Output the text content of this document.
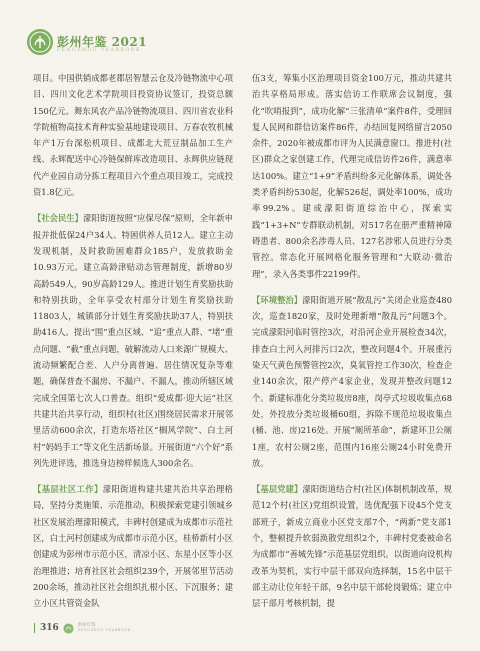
彭州年鉴 2021
PENGZHOU YEARBOOK

项目。中国供销成都老郡居智慧云仓及冷链物流中心项目、四川文化艺术学院项目投资协议签订，投资总额150亿元。舞东风农产品冷链物流项目、四川省农业科学院植物高技术育种实验基地建设项目、万春农牧机械年产1万台深松机项目、成都北大荒豆制品加工生产线、永辉配送中心冷链保鲜库改造项目、永辉供应链现代产业园自动分拣工程项目六个重点项目竣工，完成投资1.8亿元。

【社会民生】濛阳街道按照“应保尽保”原则，全年新申报并批低保24户34人、特困供养人员12人。建立主动发现机制，及时救助困难群众185户，发放救助金10.93万元。建立高龄津贴动态管理制度，新增80岁高龄549人，90岁高龄129人。推进计划生育奖励扶助和特别扶助，全年享受农村部分计划生育奖励扶助11803人，城镇部分计划生育奖励扶助37人，特别扶助416人。提出“围”重点区域、“追”重点人群、“堵”重点问题、“截”重点问题，破解流动人口来源广规模大、流动频繁配合差、人户分离普遍、居住情况复杂等难题，确保普查不漏房、不漏户、不漏人，推动所辖区域完成全国第七次人口普查。组织“爱成都·迎大运”社区共建共治共享行动，组织村(社区)围绕居民需求开展邻里活动600余次，打造东塔社区“榈风学院”、白土河村“妈妈手工”等文化生活新场景。开展街道“六个好”系列先进评选，推选身边榜样候选人300余名。

【基层社区工作】濛阳街道构建共建共治共享治理格局，坚持分类施策、示范推动，积极探索党建引领城乡社区发展治理濛阳模式，丰碑村创建成为成都市示范社区，白土河村创建成为成都市示范小区，桂桥新村小区创建成为彭州市示范小区，清凉小区、东星小区等小区治理推进；培育社区社会组织239个，开展邻里节活动200余场，推动社区社会组织扎根小区、下沉服务；建立小区共管资金队

伍3支，筹集小区治理项目资金100万元，推动共建共治共享格局形成。落实信访工作联席会议制度，强化“吹哨报到”，成功化解“三张清单”案件8件，受理回复人民网和群信访案件86件，办结回复网络留言2050余件，2020年被成都市评为人民满意窗口。推进村(社区)群众之家创建工作，代理完成信访件26件，满意率达100%。建立“1+9”矛盾纠纷多元化解体系，调处各类矛盾纠纷530起，化解526起，调处率100%，成功率99.2%。建成濛阳街道综治中心，探索实践“1+3+N”专群联动机制，对517名在册严重精神障碍患者、800余名涉毒人员、127名涉邪人员进行分类管控。常态化开展网格化服务管理和“大联动·微治理”，录入各类事件22199件。

【环境整治】濛阳街道开展“散乱污”关闭企业巡查480次，巡查1820家，及时处理新增“散乱污”问题3个。完成濛阳河临时管控3次，对沿河企业开展检查34次，排查白土河入河排污口2次，整改问题4个。开展重污染天气黄色预警管控2次，臭氧管控工作30次，检查企业140余次，限产停产4家企业，发现并整改问题12个。新建标准化分类垃圾房8座，岗亭式垃圾收集点68处，外投放分类垃圾桶60组，拆除不规范垃圾收集点(桶、池、房)216处。开展“厕所革命”，新建环卫公厕1座，农村公厕2座，范围内16座公厕24小时免费开放。

【基层党建】濛阳街道结合村(社区)体制机制改革，规范12个村(社区)党组织设置，选优配强下设45个党支部班子，新成立商业小区党支部7个，“两新”党支部1个，整顿提升软弱涣散党组织2个，丰碑村党委被命名为成都市“善城先锋”示范基层党组织。以街道向设机构改革为契机，实行中层干部双向选择制，15名中层干部主动让位年轻干部，9名中层干部轮岗锻炼；建立中层干部月考核机制，提

316	彭州年鉴
PENGZHOU YEARBOOK
